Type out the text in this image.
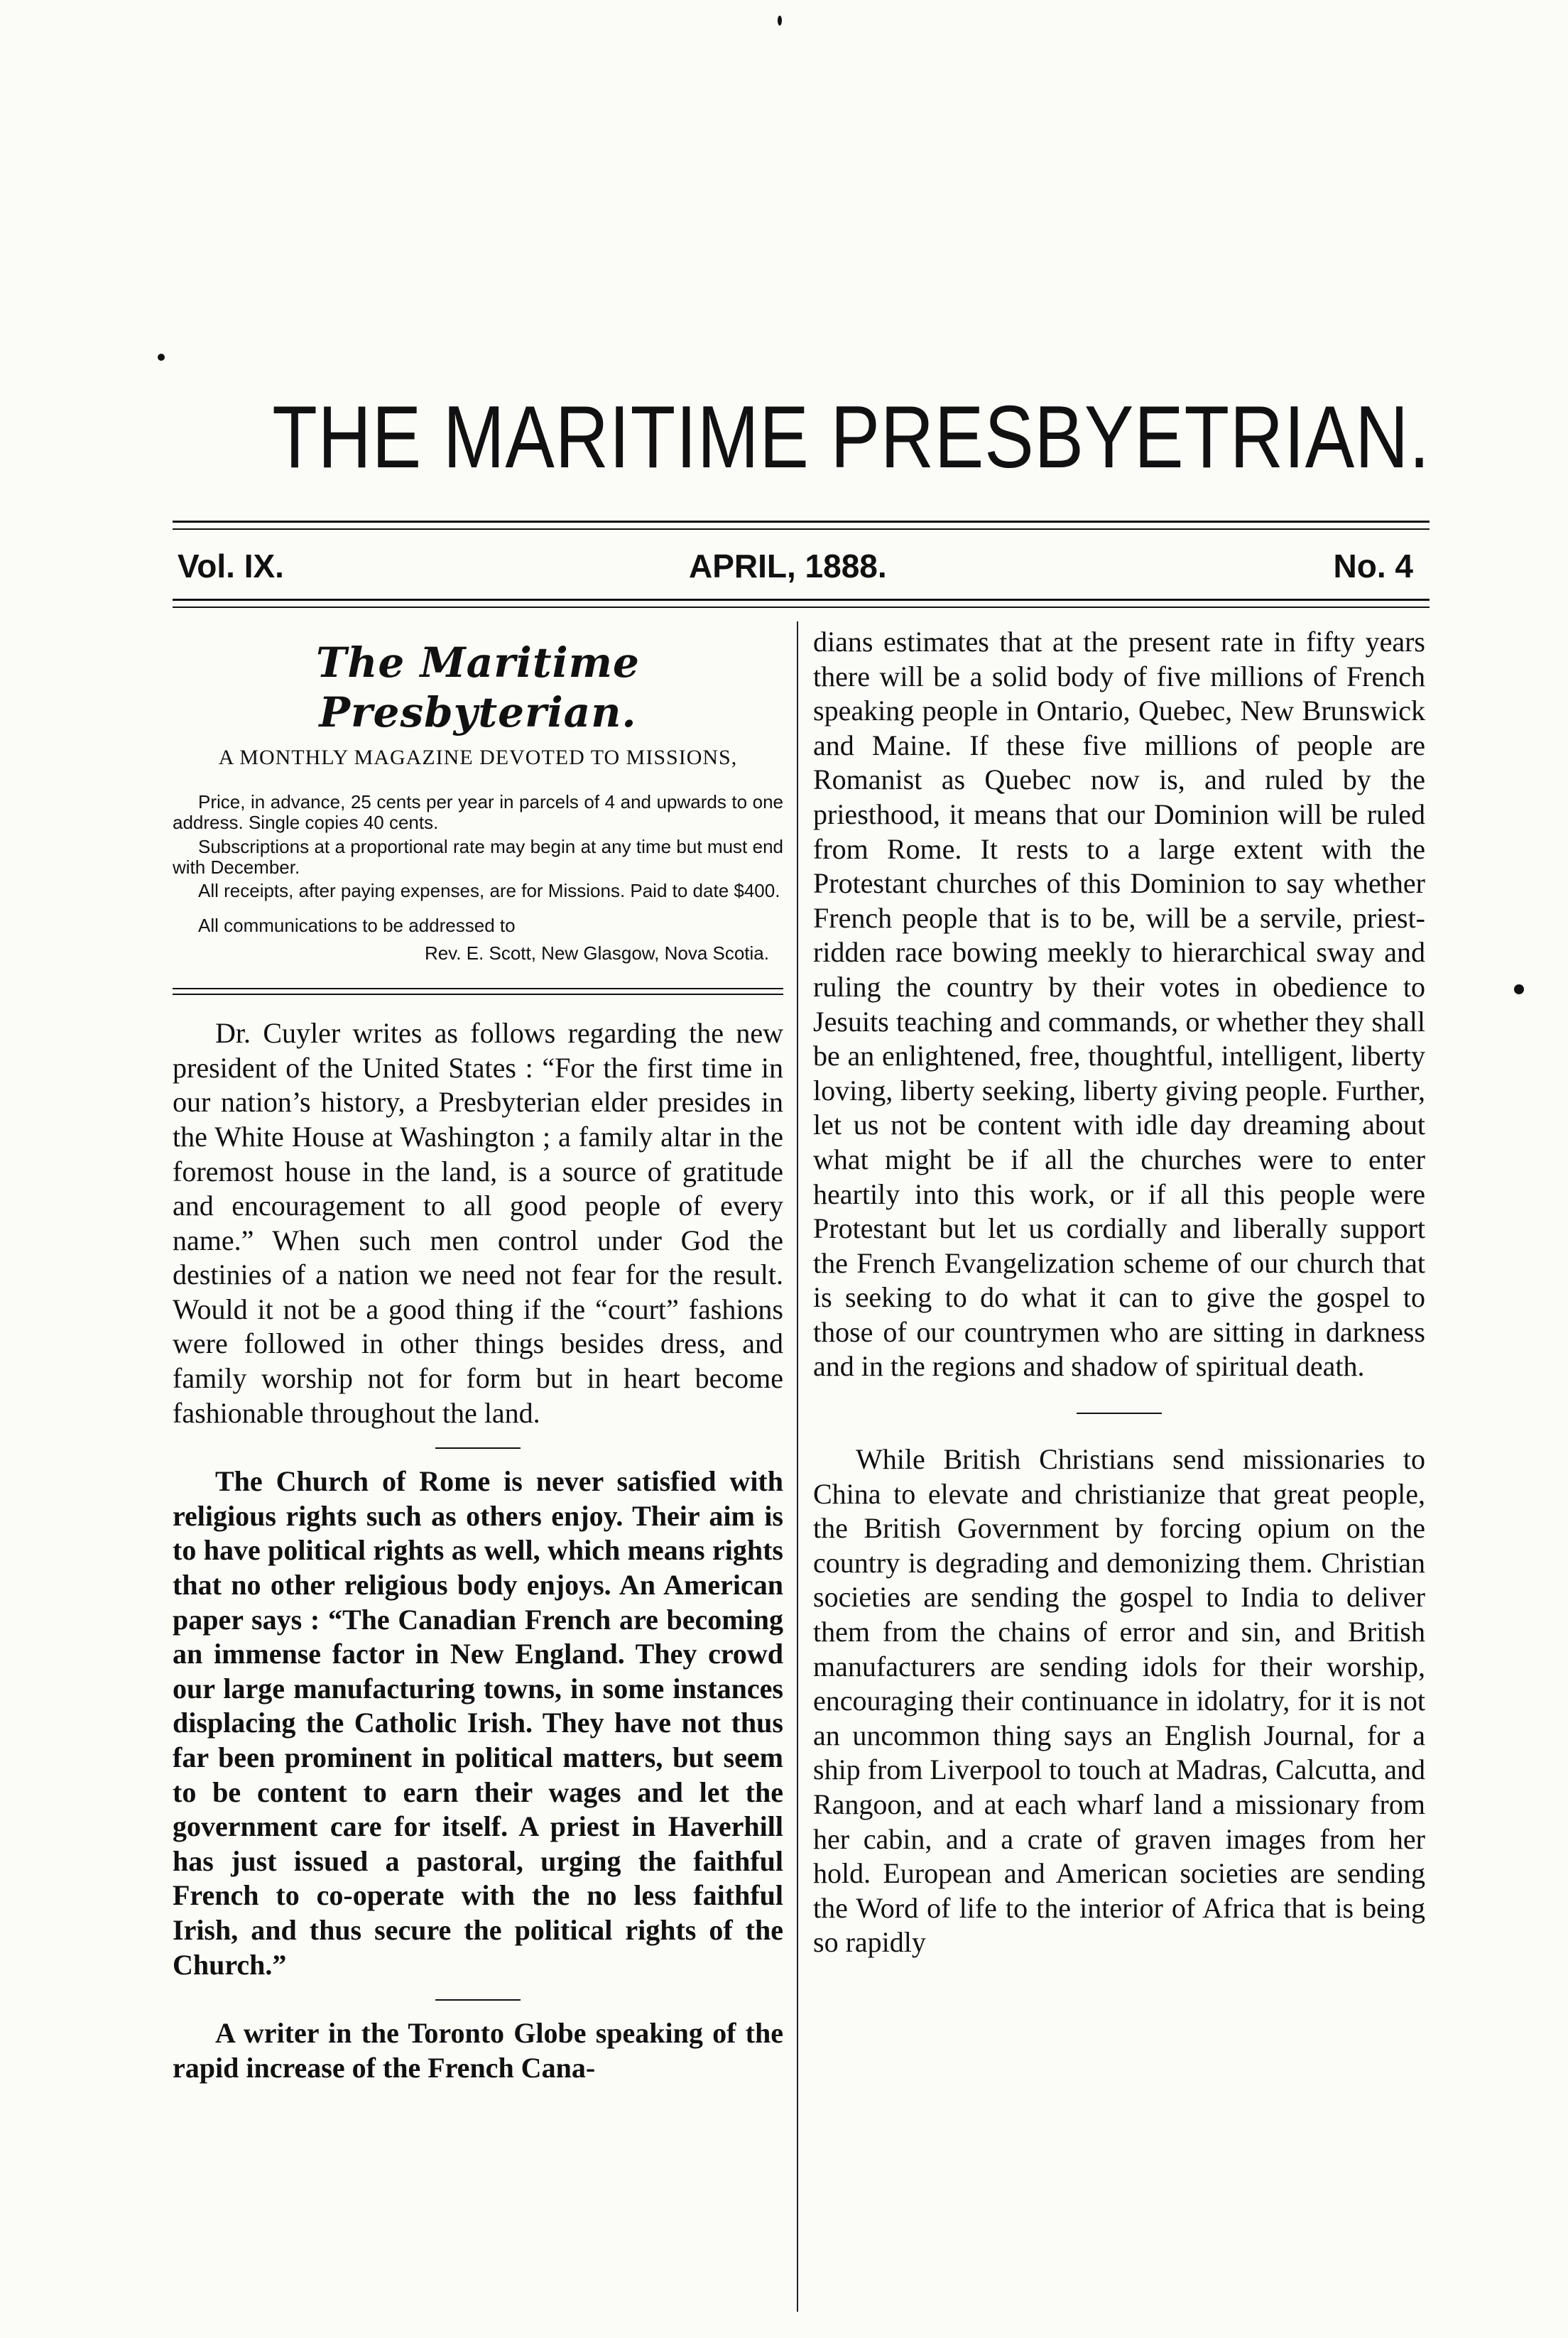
THE MARITIME PRESBYETRIAN.
Vol. IX.	APRIL, 1888.	No. 4
The Maritime Presbyterian.
A MONTHLY MAGAZINE DEVOTED TO MISSIONS,

Price, in advance, 25 cents per year in parcels of 4 and upwards to one address. Single copies 40 cents.

Subscriptions at a proportional rate may begin at any time but must end with December.

All receipts, after paying expenses, are for Missions. Paid to date $400.

All communications to be addressed to

Rev. E. Scott, New Glasgow, Nova Scotia.

Dr. Cuyler writes as follows regarding the new president of the United States : “For the first time in our nation’s history, a Presbyterian elder presides in the White House at Washington ; a family altar in the foremost house in the land, is a source of gratitude and encouragement to all good people of every name.” When such men control under God the destinies of a nation we need not fear for the result. Would it not be a good thing if the “court” fashions were followed in other things besides dress, and family worship not for form but in heart become fashionable throughout the land.

The Church of Rome is never satisfied with religious rights such as others enjoy. Their aim is to have political rights as well, which means rights that no other religious body enjoys. An American paper says : “The Canadian French are becoming an immense factor in New England. They crowd our large manufacturing towns, in some instances displacing the Catholic Irish. They have not thus far been prominent in political matters, but seem to be content to earn their wages and let the government care for itself. A priest in Haverhill has just issued a pastoral, urging the faithful French to co-operate with the no less faithful Irish, and thus secure the political rights of the Church.”

A writer in the Toronto Globe speaking of the rapid increase of the French Cana-

dians estimates that at the present rate in fifty years there will be a solid body of five millions of French speaking people in Ontario, Quebec, New Brunswick and Maine. If these five millions of people are Romanist as Quebec now is, and ruled by the priesthood, it means that our Dominion will be ruled from Rome. It rests to a large extent with the Protestant churches of this Dominion to say whether French people that is to be, will be a servile, priest-ridden race bowing meekly to hierarchical sway and ruling the country by their votes in obedience to Jesuits teaching and commands, or whether they shall be an enlightened, free, thoughtful, intelligent, liberty loving, liberty seeking, liberty giving people. Further, let us not be content with idle day dreaming about what might be if all the churches were to enter heartily into this work, or if all this people were Protestant but let us cordially and liberally support the French Evangelization scheme of our church that is seeking to do what it can to give the gospel to those of our countrymen who are sitting in darkness and in the regions and shadow of spiritual death.

While British Christians send missionaries to China to elevate and christianize that great people, the British Government by forcing opium on the country is degrading and demonizing them. Christian societies are sending the gospel to India to deliver them from the chains of error and sin, and British manufacturers are sending idols for their worship, encouraging their continuance in idolatry, for it is not an uncommon thing says an English Journal, for a ship from Liverpool to touch at Madras, Calcutta, and Rangoon, and at each wharf land a missionary from her cabin, and a crate of graven images from her hold. European and American societies are sending the Word of life to the interior of Africa that is being so rapidly
